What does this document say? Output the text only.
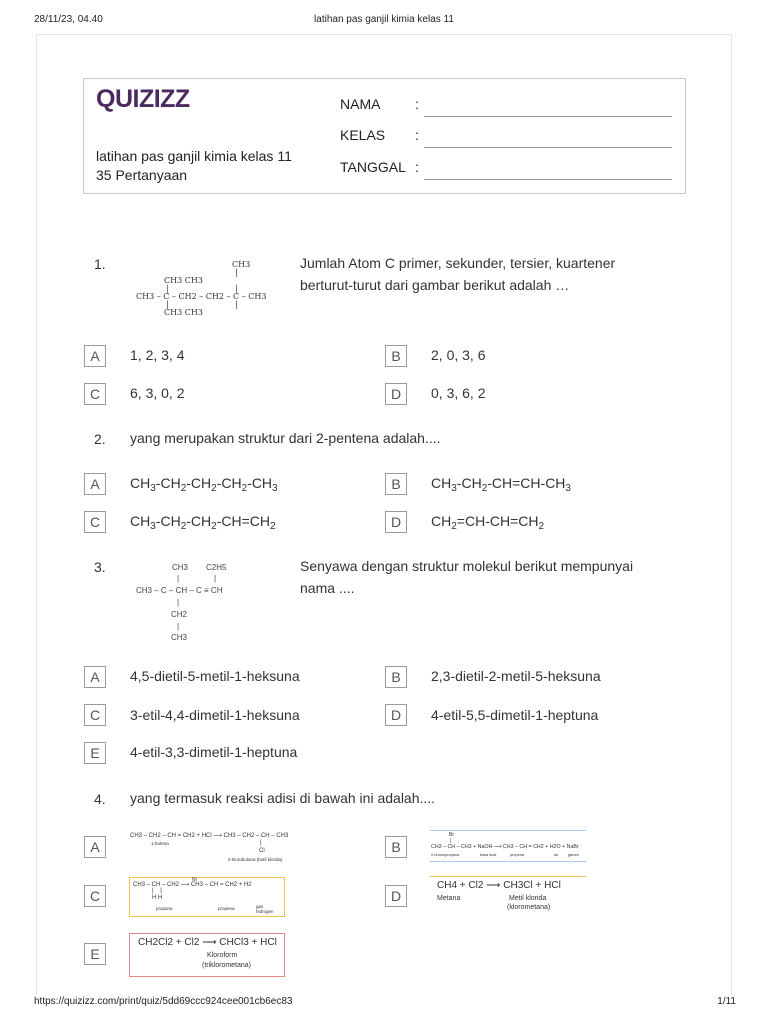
28/11/23, 04.40	latihan pas ganjil kimia kelas 11
QUIZIZZ
latihan pas ganjil kimia kelas 11
35 Pertanyaan
NAMA :
KELAS :
TANGGAL :
1.	CH3
|
CH3 CH3
|	|
CH3 – C – CH2 – CH2 – C – CH3
|	|
CH3 CH3
Jumlah Atom C primer, sekunder, tersier, kuartener
berturut-turut dari gambar berikut adalah …
A	1, 2, 3, 4	B	2, 0, 3, 6
C	6, 3, 0, 2	D	0, 3, 6, 2
2. yang merupakan struktur dari 2-pentena adalah....
A	$CH_3-CH_2-CH_2-CH_2-CH_3$	B	$CH_3-CH_2-CH=CH-CH_3$
C	$CH_3-CH_2-CH_2-CH=CH_2$	D	$CH_2=CH-CH=CH_2$
3.	CH3 C2H5
|	|
CH3 – C – CH – C ≡ CH
|
CH2
|
CH3
Senyawa dengan struktur molekul berikut mempunyai
nama ....
A	4,5-dietil-5-metil-1-heksuna	B	2,3-dietil-2-metil-5-heksuna
C	3-etil-4,4-dimetil-1-heksuna	D	4-etil-5,5-dimetil-1-heptuna
E	4-etil-3,3-dimetil-1-heptuna
4. yang termasuk reaksi adisi di bawah ini adalah....
A
CH3 – CH2 – CH = CH2 + HCl ⟶ CH3 – CH2 – CH – CH3
1-butena	|
Cl
2-klorobutana (butil klorida)
B
Br
|
CH3 – CH – CH3 + NaOH ⟶ CH3 – CH = CH2 + H2O + NaBr
2-bromopropana	basa kuat	propena	air	garam
C
CH3 – CH – CH2 ⟶ CH3 – CH = CH2 + H2
Ni
|    |
H H
propana	propena	gas hidrogen
D
CH4 + Cl2 ⟶ CH3Cl + HCl
Metana	Metil klorida
(klorometana)
E
CH2Cl2 + Cl2 ⟶ CHCl3 + HCl
Kloroform
(triklorometana)
https://quizizz.com/print/quiz/5dd69ccc924cee001cb6ec83	1/11
